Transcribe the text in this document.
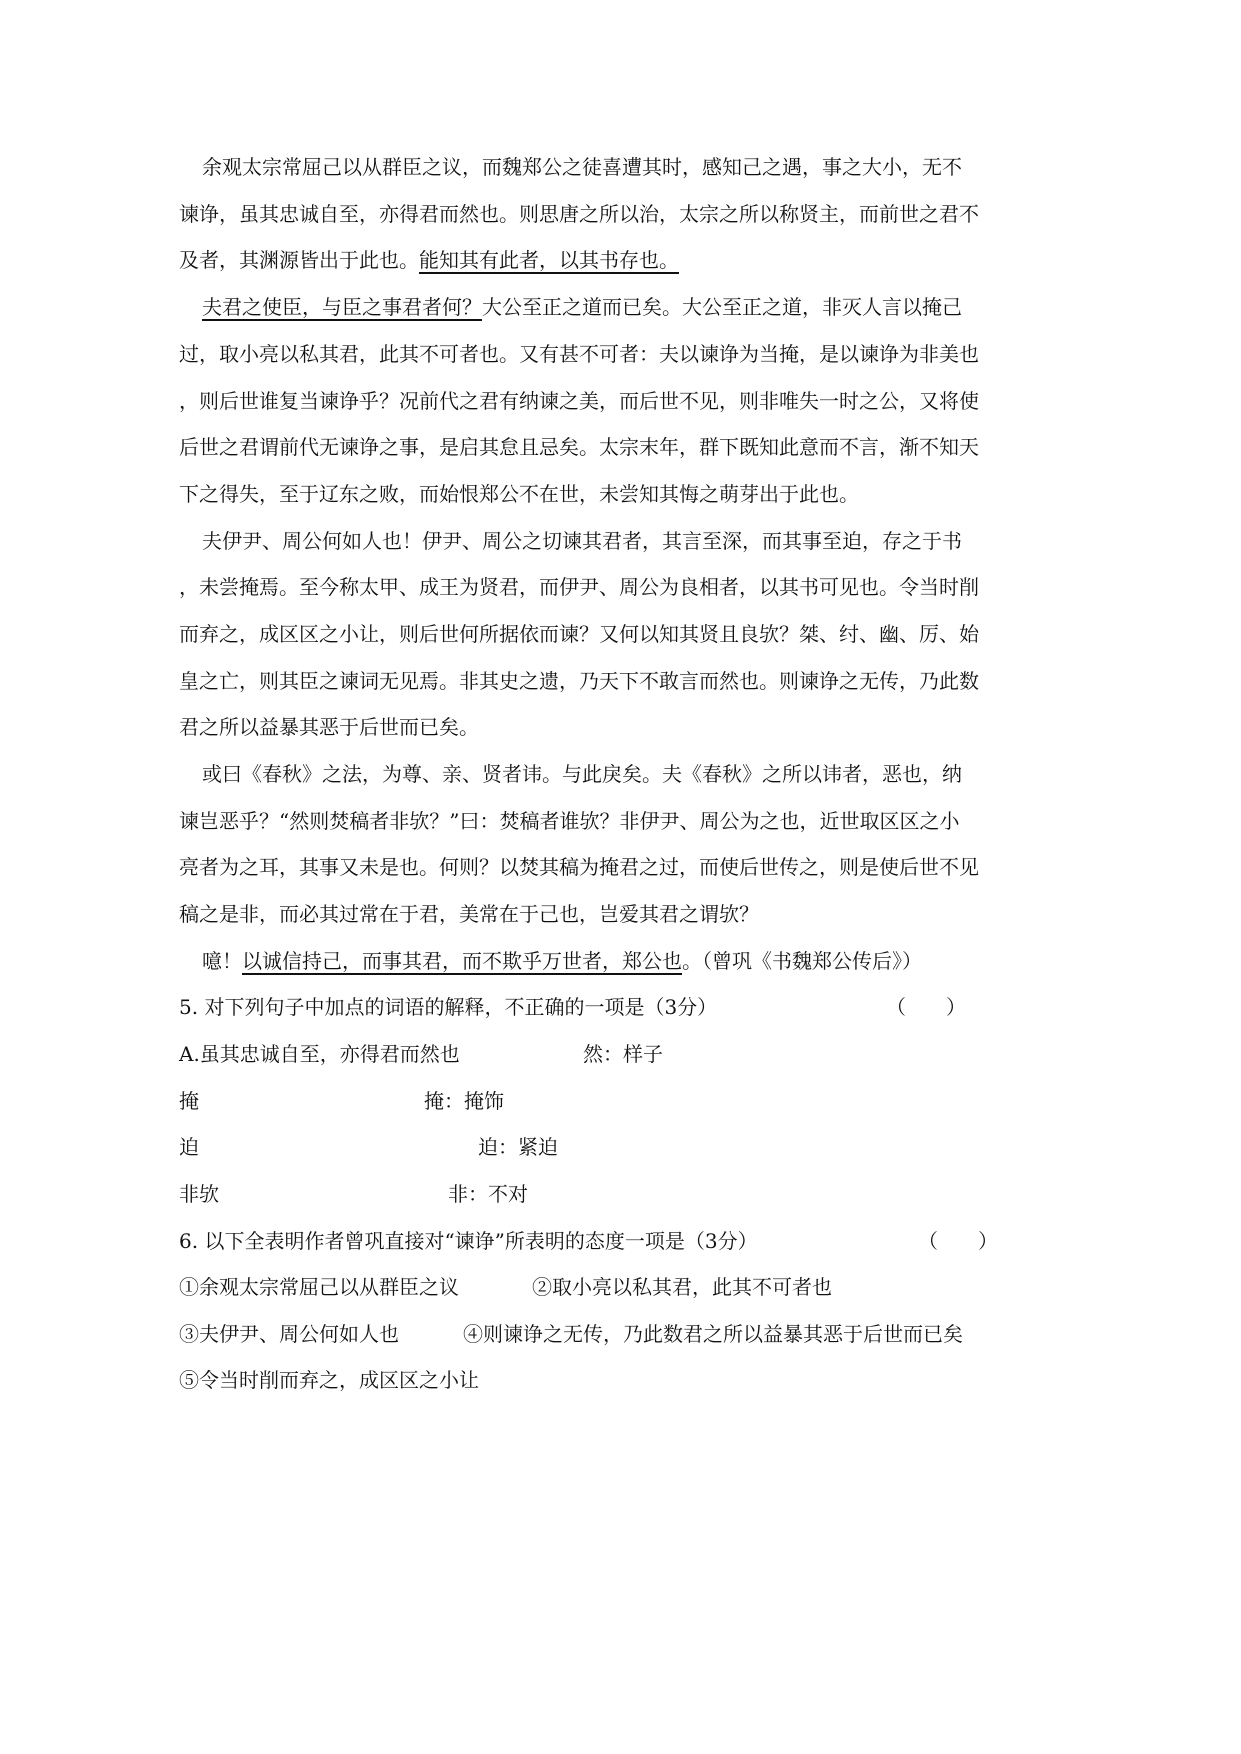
余观太宗常屈己以从群臣之议，而魏郑公之徒喜遭其时，感知己之遇，事之大小，无不
谏诤，虽其忠诚自至，亦得君而然也。则思唐之所以治，太宗之所以称贤主，而前世之君不
及者，其渊源皆出于此也。能知其有此者，以其书存也。
夫君之使臣，与臣之事君者何？大公至正之道而已矣。大公至正之道，非灭人言以掩己
过，取小亮以私其君，此其不可者也。又有甚不可者：夫以谏诤为当掩，是以谏诤为非美也
，则后世谁复当谏诤乎？况前代之君有纳谏之美，而后世不见，则非唯失一时之公，又将使
后世之君谓前代无谏诤之事，是启其怠且忌矣。太宗末年，群下既知此意而不言，渐不知天
下之得失，至于辽东之败，而始恨郑公不在世，未尝知其悔之萌芽出于此也。
夫伊尹、周公何如人也！伊尹、周公之切谏其君者，其言至深，而其事至迫，存之于书
，未尝掩焉。至今称太甲、成王为贤君，而伊尹、周公为良相者，以其书可见也。令当时削
而弃之，成区区之小让，则后世何所据依而谏？又何以知其贤且良欤？桀、纣、幽、厉、始
皇之亡，则其臣之谏词无见焉。非其史之遗，乃天下不敢言而然也。则谏诤之无传，乃此数
君之所以益暴其恶于后世而已矣。
或曰《春秋》之法，为尊、亲、贤者讳。与此戾矣。夫《春秋》之所以讳者，恶也，纳
谏岂恶乎？“然则焚稿者非欤？”曰：焚稿者谁欤？非伊尹、周公为之也，近世取区区之小
亮者为之耳，其事又未是也。何则？以焚其稿为掩君之过，而使后世传之，则是使后世不见
稿之是非，而必其过常在于君，美常在于己也，岂爱其君之谓欤？
噫！以诚信持己，而事其君，而不欺乎万世者，郑公也。（曾巩《书魏郑公传后》）
5. 对下列句子中加点的词语的解释，不正确的一项是（3分）	（　　）
A.虽其忠诚自至，亦得君而然也	然：样子
掩	掩：掩饰
迫	迫：紧迫
非欤	非：不对
6. 以下全表明作者曾巩直接对“谏诤”所表明的态度一项是（3分）	（　　）
①余观太宗常屈己以从群臣之议	②取小亮以私其君，此其不可者也
③夫伊尹、周公何如人也	④则谏诤之无传，乃此数君之所以益暴其恶于后世而已矣
⑤令当时削而弃之，成区区之小让
